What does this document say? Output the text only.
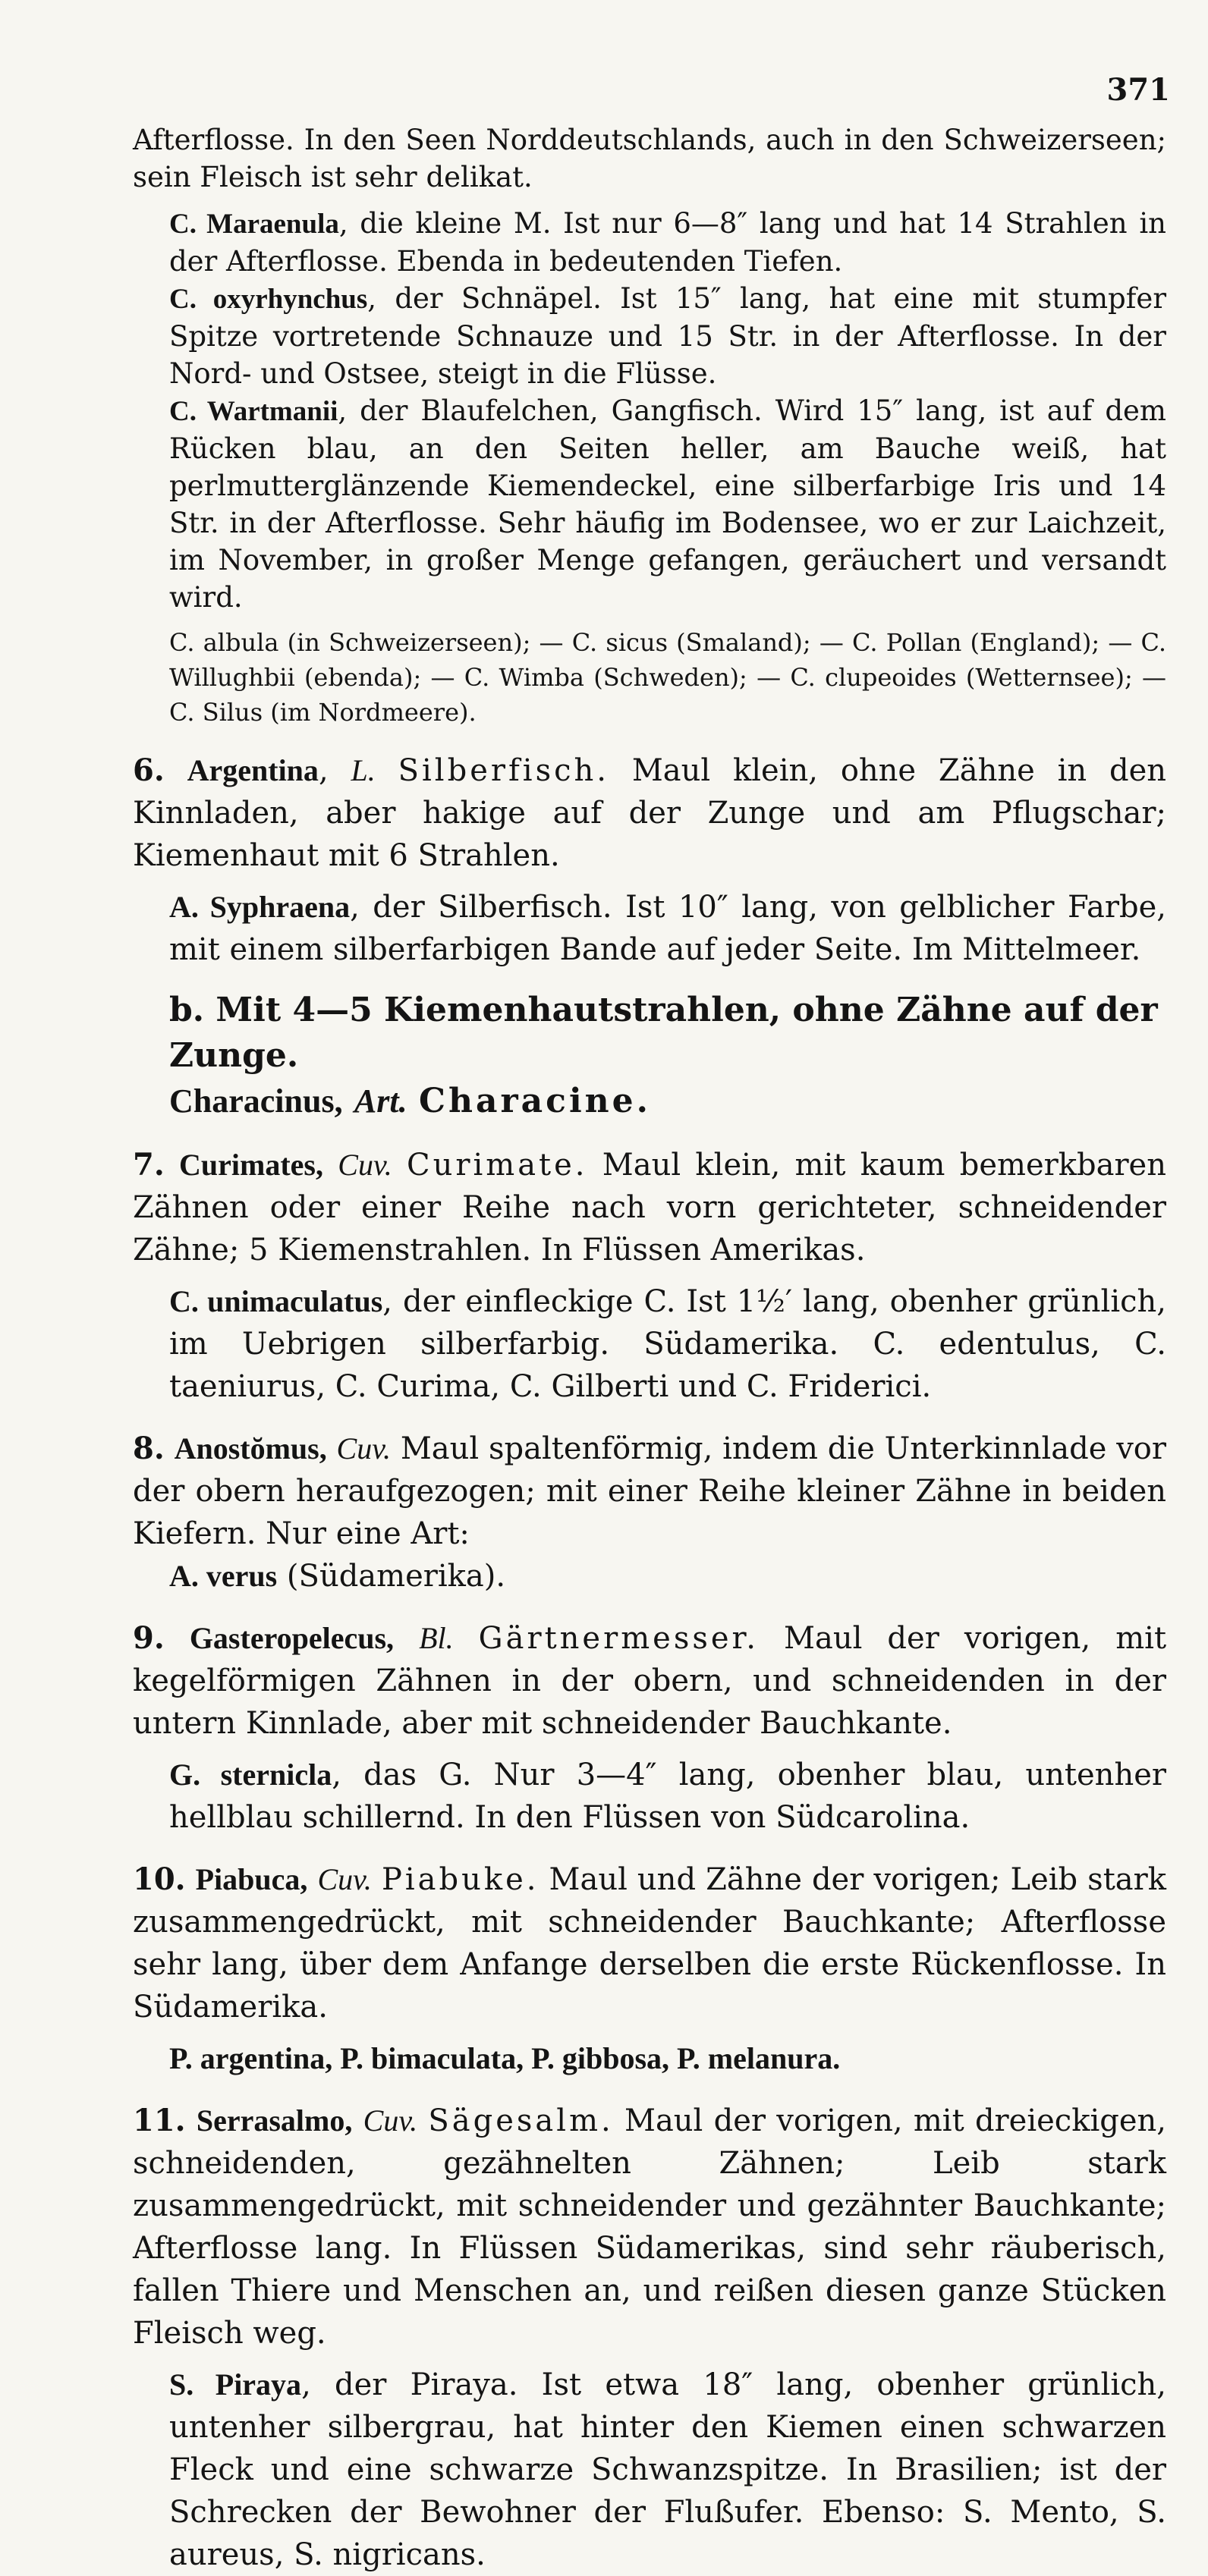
371

Afterflosse. In den Seen Norddeutschlands, auch in den Schweizerseen; sein Fleisch ist sehr delikat.

C. Maraenula, die kleine M. Ist nur 6—8″ lang und hat 14 Strahlen in der Afterflosse. Ebenda in bedeutenden Tiefen.

C. oxyrhynchus, der Schnäpel. Ist 15″ lang, hat eine mit stumpfer Spitze vortretende Schnauze und 15 Str. in der Afterflosse. In der Nord- und Ostsee, steigt in die Flüsse.

C. Wartmanii, der Blaufelchen, Gangfisch. Wird 15″ lang, ist auf dem Rücken blau, an den Seiten heller, am Bauche weiß, hat perlmutterglänzende Kiemendeckel, eine silberfarbige Iris und 14 Str. in der Afterflosse. Sehr häufig im Bodensee, wo er zur Laichzeit, im November, in großer Menge gefangen, geräuchert und versandt wird.

C. albula (in Schweizerseen); — C. sicus (Smaland); — C. Pollan (England); — C. Willughbii (ebenda); — C. Wimba (Schweden); — C. clupeoides (Wetternsee); — C. Silus (im Nordmeere).

6. Argentina, L. Silberfisch. Maul klein, ohne Zähne in den Kinnladen, aber hakige auf der Zunge und am Pflugschar; Kiemenhaut mit 6 Strahlen.

A. Syphraena, der Silberfisch. Ist 10″ lang, von gelblicher Farbe, mit einem silberfarbigen Bande auf jeder Seite. Im Mittelmeer.

b. Mit 4—5 Kiemenhautstrahlen, ohne Zähne auf der Zunge.
Characinus, Art. Characine.

7. Curimates, Cuv. Curimate. Maul klein, mit kaum bemerkbaren Zähnen oder einer Reihe nach vorn gerichteter, schneidender Zähne; 5 Kiemenstrahlen. In Flüssen Amerikas.

C. unimaculatus, der einfleckige C. Ist 1½′ lang, obenher grünlich, im Uebrigen silberfarbig. Südamerika. C. edentulus, C. taeniurus, C. Curima, C. Gilberti und C. Friderici.

8. Anostŏmus, Cuv. Maul spaltenförmig, indem die Unterkinnlade vor der obern heraufgezogen; mit einer Reihe kleiner Zähne in beiden Kiefern. Nur eine Art:

A. verus (Südamerika).

9. Gasteropelecus, Bl. Gärtnermesser. Maul der vorigen, mit kegelförmigen Zähnen in der obern, und schneidenden in der untern Kinnlade, aber mit schneidender Bauchkante.

G. sternicla, das G. Nur 3—4″ lang, obenher blau, untenher hellblau schillernd. In den Flüssen von Südcarolina.

10. Piabuca, Cuv. Piabuke. Maul und Zähne der vorigen; Leib stark zusammengedrückt, mit schneidender Bauchkante; Afterflosse sehr lang, über dem Anfange derselben die erste Rückenflosse. In Südamerika.

P. argentina, P. bimaculata, P. gibbosa, P. melanura.

11. Serrasalmo, Cuv. Sägesalm. Maul der vorigen, mit dreieckigen, schneidenden, gezähnelten Zähnen; Leib stark zusammengedrückt, mit schneidender und gezähnter Bauchkante; Afterflosse lang. In Flüssen Südamerikas, sind sehr räuberisch, fallen Thiere und Menschen an, und reißen diesen ganze Stücken Fleisch weg.

S. Piraya, der Piraya. Ist etwa 18″ lang, obenher grünlich, untenher silbergrau, hat hinter den Kiemen einen schwarzen Fleck und eine schwarze Schwanzspitze. In Brasilien; ist der Schrecken der Bewohner der Flußufer. Ebenso: S. Mento, S. aureus, S. nigricans.
